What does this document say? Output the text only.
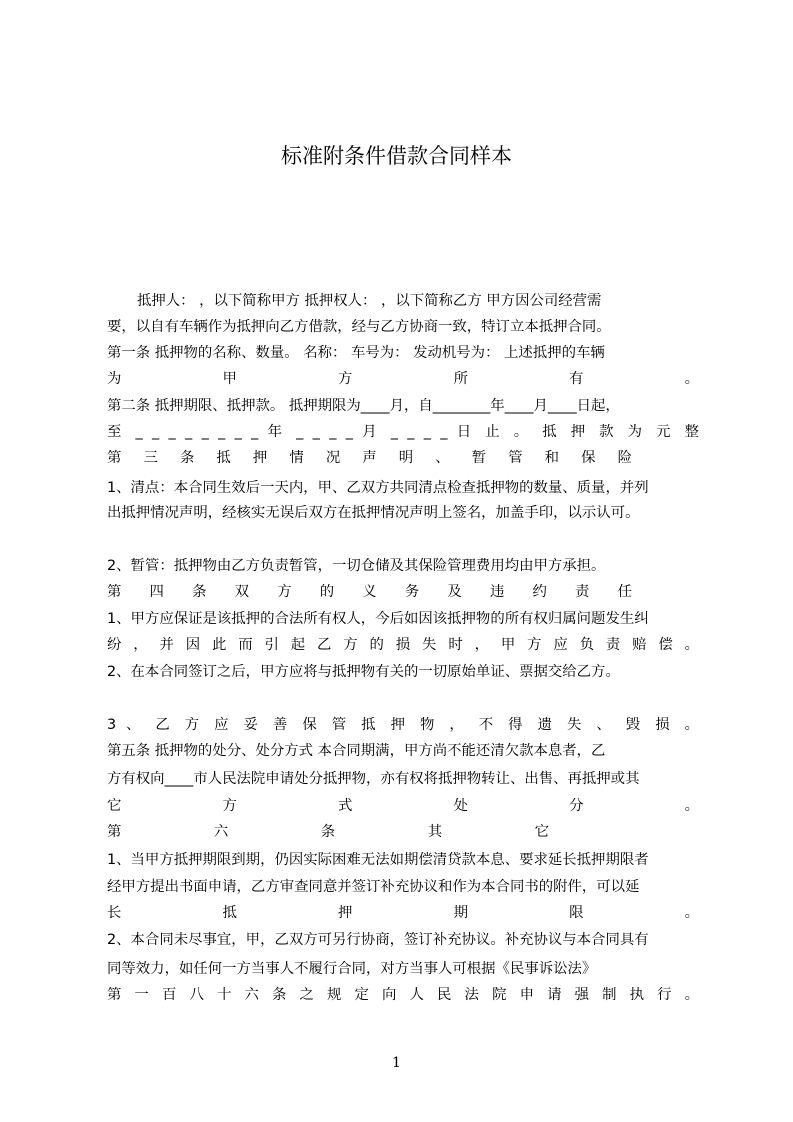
标准附条件借款合同样本
抵押人： ，以下简称甲方 抵押权人： ，以下简称乙方 甲方因公司经营需
要，以自有车辆作为抵押向乙方借款，经与乙方协商一致，特订立本抵押合同。
第一条 抵押物的名称、数量。 名称： 车号为： 发动机号为： 上述抵押的车辆
为 甲 方 所 有 。
第二条 抵押期限、抵押款。 抵押期限为____月，自________年____月____日起，
至 _ _ _ _ _ _ _ _ 年 _ _ _ _ 月 _ _ _ _ 日 止 。 抵 押 款 为 元 整
第 三 条 抵 押 情 况 声 明 、 暂 管 和 保 险
1、清点：本合同生效后一天内，甲、乙双方共同清点检查抵押物的数量、质量，并列
出抵押情况声明，经核实无误后双方在抵押情况声明上签名，加盖手印，以示认可。
2、暂管：抵押物由乙方负责暂管，一切仓储及其保险管理费用均由甲方承担。
第 四 条 双 方 的 义 务 及 违 约 责 任
1、甲方应保证是该抵押的合法所有权人，今后如因该抵押物的所有权归属问题发生纠
纷 ， 并 因 此 而 引 起 乙 方 的 损 失 时 ， 甲 方 应 负 责 赔 偿 。
2、在本合同签订之后，甲方应将与抵押物有关的一切原始单证、票据交给乙方。
3 、 乙 方 应 妥 善 保 管 抵 押 物 ， 不 得 遗 失 、 毁 损 。
第五条 抵押物的处分、处分方式 本合同期满，甲方尚不能还清欠款本息者，乙
方有权向____市人民法院申请处分抵押物，亦有权将抵押物转让、出售、再抵押或其
它 方 式 处 分 。
第 六 条 其 它
1、当甲方抵押期限到期，仍因实际困难无法如期偿清贷款本息、要求延长抵押期限者
经甲方提出书面申请，乙方审查同意并签订补充协议和作为本合同书的附件，可以延
长 抵 押 期 限 。
2、本合同未尽事宜，甲，乙双方可另行协商，签订补充协议。补充协议与本合同具有
同等效力，如任何一方当事人不履行合同，对方当事人可根据《民事诉讼法》
第 一 百 八 十 六 条 之 规 定 向 人 民 法 院 申 请 强 制 执 行 。
1
